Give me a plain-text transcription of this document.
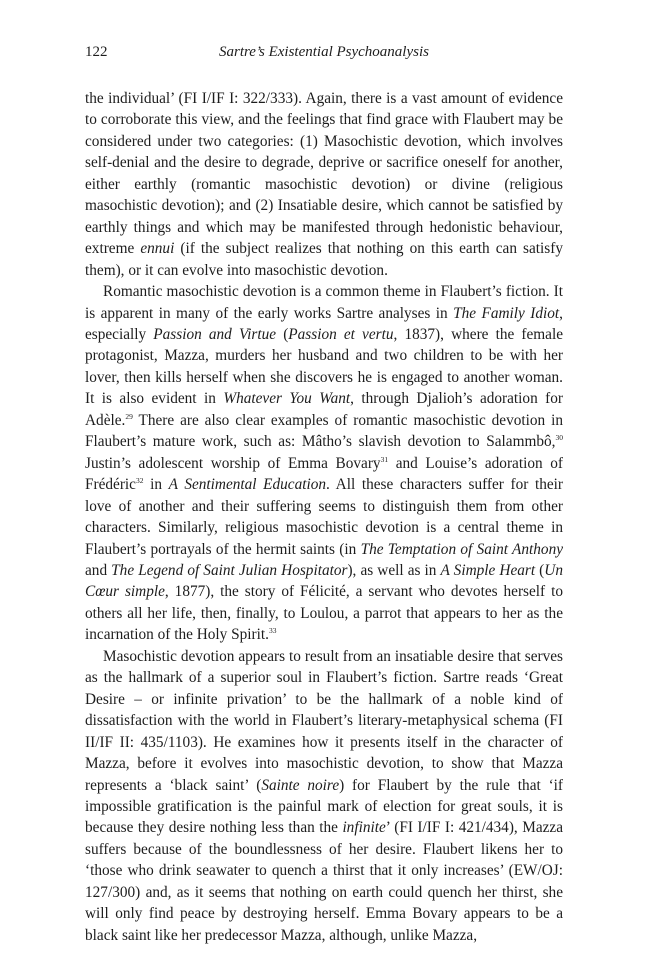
122	Sartre’s Existential Psychoanalysis

the individual’ (FI I/IF I: 322/333). Again, there is a vast amount of evidence to corroborate this view, and the feelings that find grace with Flaubert may be considered under two categories: (1) Masochistic devotion, which involves self-denial and the desire to degrade, deprive or sacrifice oneself for another, either earthly (romantic masochistic devotion) or divine (religious masochistic devotion); and (2) Insatiable desire, which cannot be satisfied by earthly things and which may be manifested through hedonistic behaviour, extreme ennui (if the subject realizes that nothing on this earth can satisfy them), or it can evolve into masochistic devotion.

Romantic masochistic devotion is a common theme in Flaubert’s fiction. It is apparent in many of the early works Sartre analyses in The Family Idiot, especially Passion and Virtue (Passion et vertu, 1837), where the female protagonist, Mazza, murders her husband and two children to be with her lover, then kills herself when she discovers he is engaged to another woman. It is also evident in Whatever You Want, through Djalioh’s adoration for Adèle.$^{29}$ There are also clear examples of romantic masochistic devotion in Flaubert’s mature work, such as: Mâtho’s slavish devotion to Salammbô,$^{30}$ Justin’s adolescent worship of Emma Bovary$^{31}$ and Louise’s adoration of Frédéric$^{32}$ in A Sentimental Education. All these characters suffer for their love of another and their suffering seems to distinguish them from other characters. Similarly, religious masochistic devotion is a central theme in Flaubert’s portrayals of the hermit saints (in The Temptation of Saint Anthony and The Legend of Saint Julian Hospitator), as well as in A Simple Heart (Un Cœur simple, 1877), the story of Félicité, a servant who devotes herself to others all her life, then, finally, to Loulou, a parrot that appears to her as the incarnation of the Holy Spirit.$^{33}$

Masochistic devotion appears to result from an insatiable desire that serves as the hallmark of a superior soul in Flaubert’s fiction. Sartre reads ‘Great Desire – or infinite privation’ to be the hallmark of a noble kind of dissatisfaction with the world in Flaubert’s literary-metaphysical schema (FI II/IF II: 435/1103). He examines how it presents itself in the character of Mazza, before it evolves into masochistic devotion, to show that Mazza represents a ‘black saint’ (Sainte noire) for Flaubert by the rule that ‘if impossible gratification is the painful mark of election for great souls, it is because they desire nothing less than the infinite’ (FI I/IF I: 421/434), Mazza suffers because of the boundlessness of her desire. Flaubert likens her to ‘those who drink seawater to quench a thirst that it only increases’ (EW/OJ: 127/300) and, as it seems that nothing on earth could quench her thirst, she will only find peace by destroying herself. Emma Bovary appears to be a black saint like her predecessor Mazza, although, unlike Mazza,
